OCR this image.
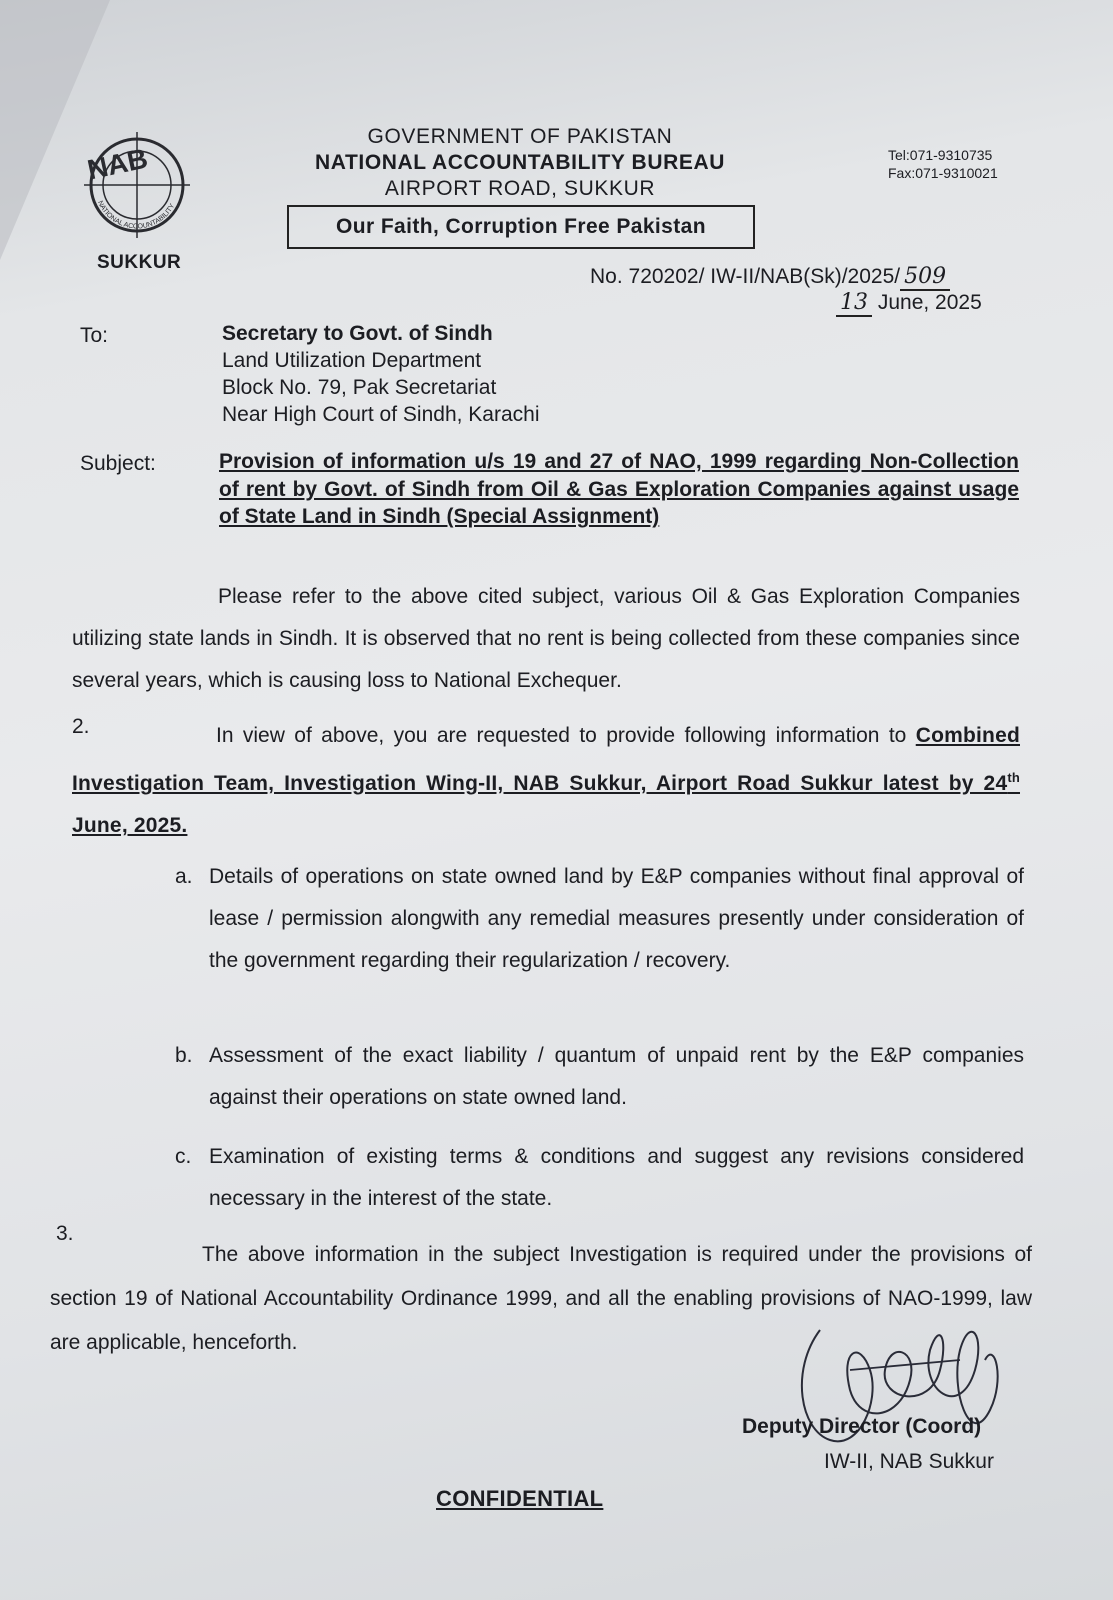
NAB
NATIONAL ACCOUNTABILITY
SUKKUR
GOVERNMENT OF PAKISTAN
NATIONAL ACCOUNTABILITY BUREAU
AIRPORT ROAD, SUKKUR
Our Faith, Corruption Free Pakistan
Tel:071-9310735
Fax:071-9310021
No. 720202/ IW-II/NAB(Sk)/2025/ 509
13 June, 2025
To:	Secretary to Govt. of Sindh
Land Utilization Department
Block No. 79, Pak Secretariat
Near High Court of Sindh, Karachi
Subject:	Provision of information u/s 19 and 27 of NAO, 1999 regarding Non-Collection of rent by Govt. of Sindh from Oil & Gas Exploration Companies against usage of State Land in Sindh (Special Assignment)
Please refer to the above cited subject, various Oil & Gas Exploration Companies utilizing state lands in Sindh. It is observed that no rent is being collected from these companies since several years, which is causing loss to National Exchequer.
2.	In view of above, you are requested to provide following information to Combined Investigation Team, Investigation Wing-II, NAB Sukkur, Airport Road Sukkur latest by 24th June, 2025.
a. Details of operations on state owned land by E&P companies without final approval of lease / permission alongwith any remedial measures presently under consideration of the government regarding their regularization / recovery.
b. Assessment of the exact liability / quantum of unpaid rent by the E&P companies against their operations on state owned land.
c. Examination of existing terms & conditions and suggest any revisions considered necessary in the interest of the state.
3.
The above information in the subject Investigation is required under the provisions of section 19 of National Accountability Ordinance 1999, and all the enabling provisions of NAO-1999, law are applicable, henceforth.
Deputy Director (Coord)
IW-II, NAB Sukkur
CONFIDENTIAL
